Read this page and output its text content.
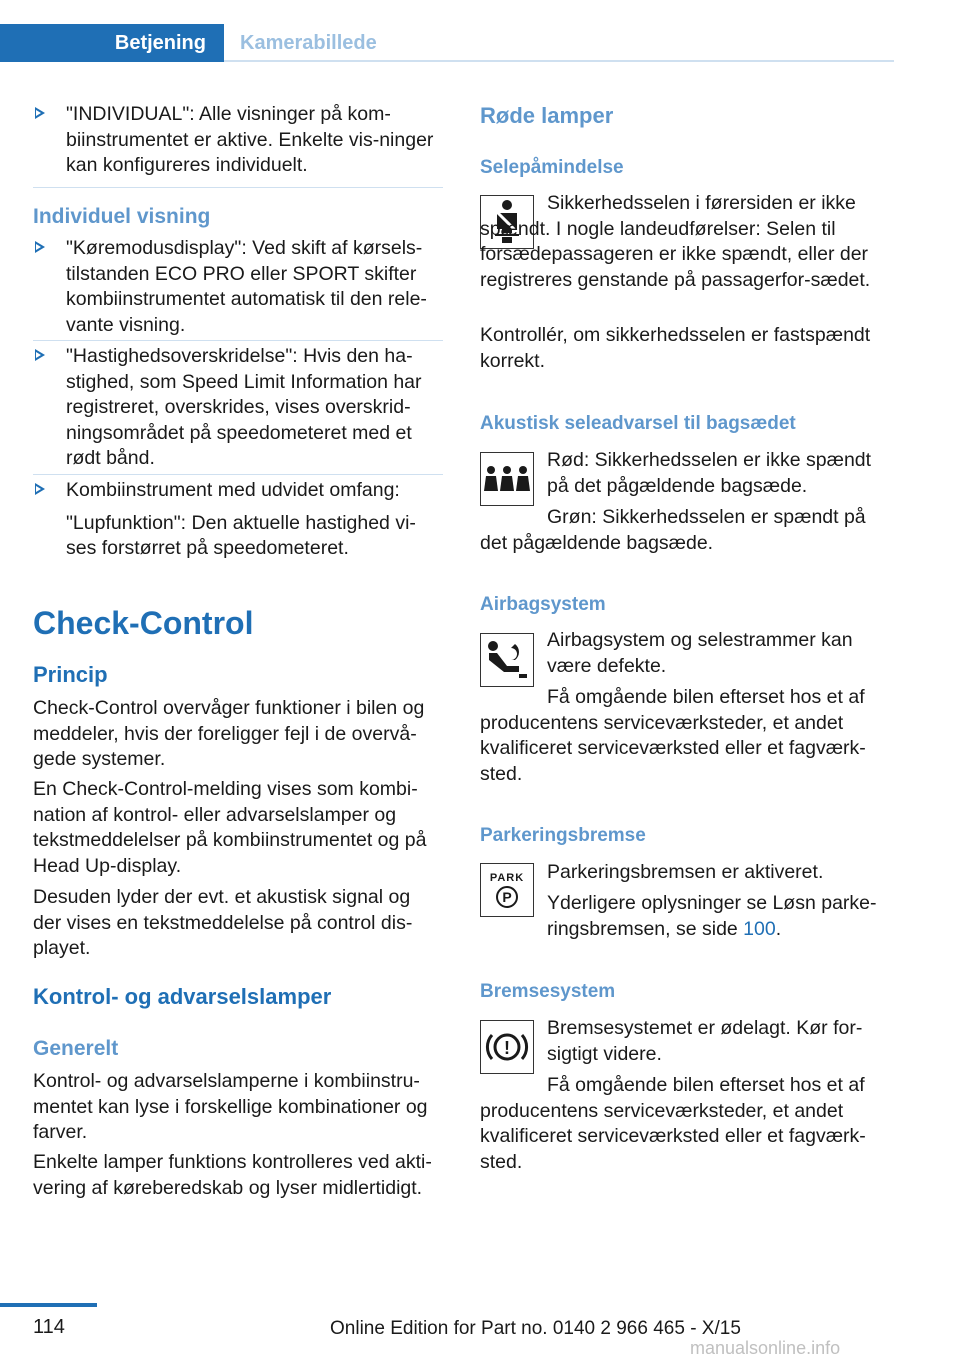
Betjening Kamerabillede

"INDIVIDUAL": Alle visninger på kom-biinstrumentet er aktive. Enkelte vis-ninger kan konfigureres individuelt.

Individuel visning

"Køremodusdisplay": Ved skift af kørsels-tilstanden ECO PRO eller SPORT skifter kombiinstrumentet automatisk til den rele-vante visning.

"Hastighedsoverskridelse": Hvis den ha-stighed, som Speed Limit Information har registreret, overskrides, vises overskrid-ningsområdet på speedometeret med et rødt bånd.

Kombiinstrument med udvidet omfang:

"Lupfunktion": Den aktuelle hastighed vi-ses forstørret på speedometeret.

Check-Control

Princip

Check-Control overvåger funktioner i bilen og meddeler, hvis der foreligger fejl i de overvå-gede systemer.

En Check-Control-melding vises som kombi-nation af kontrol- eller advarselslamper og tekstmeddelelser på kombiinstrumentet og på Head Up-display.

Desuden lyder der evt. et akustisk signal og der vises en tekstmeddelelse på control dis-playet.

Kontrol- og advarselslamper

Generelt

Kontrol- og advarselslamperne i kombiinstru-mentet kan lyse i forskellige kombinationer og farver.

Enkelte lamper funktions kontrolleres ved akti-vering af køreberedskab og lyser midlertidigt.

Røde lamper

Selepåmindelse

Sikkerhedsselen i førersiden er ikke spændt. I nogle landeudførelser: Selen til forsædepassageren er ikke spændt, eller der registreres genstande på passagerfor-sædet.

Kontrollér, om sikkerhedsselen er fastspændt korrekt.

Akustisk seleadvarsel til bagsædet

Rød: Sikkerhedsselen er ikke spændt på det pågældende bagsæde.

Grøn: Sikkerhedsselen er spændt på det pågældende bagsæde.

Airbagsystem

Airbagsystem og selestrammer kan være defekte.

Få omgående bilen efterset hos et af producentens serviceværksteder, et andet kvalificeret serviceværksted eller et fagværk-sted.

Parkeringsbremse

PARK
P

Parkeringsbremsen er aktiveret.

Yderligere oplysninger se Løsn parke-ringsbremsen, se side 100.

Bremsesystem

!

Bremsesystemet er ødelagt. Kør for-sigtigt videre.

Få omgående bilen efterset hos et af producentens serviceværksteder, et andet kvalificeret serviceværksted eller et fagværk-sted.

114	Online Edition for Part no. 0140 2 966 465 - X/15
manualsonline.info
